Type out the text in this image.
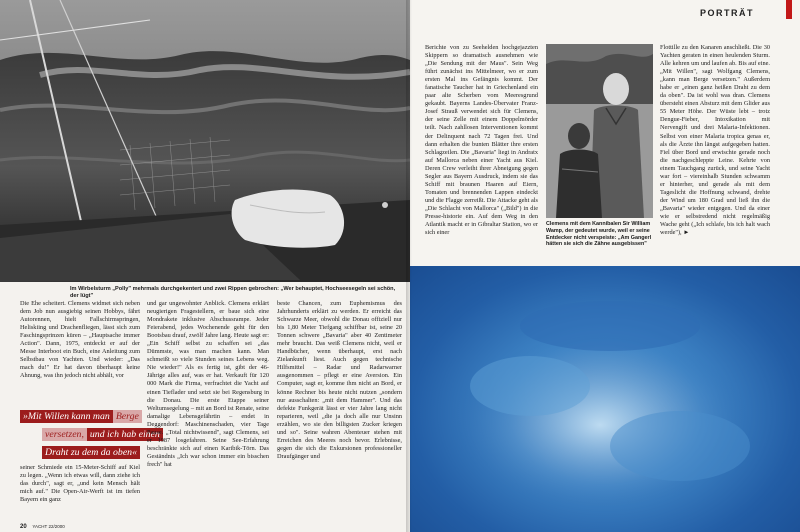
Im Wirbelsturm „Polly" mehrmals durchgekentert und zwei Rippen gebrochen: „Wer behauptet, Hochseesegeln sei schön, der lügt"

Die Ehe scheitert. Clemens widmet sich neben dem Job nun ausgiebig seinen Hobbys, fährt Autorennen, hielt Fallschirmspringen, Heliskiing und Drachenfliegen, lässt sich zum Faschingsprinzen küren – „Hauptsache immer Action". Dann, 1975, entdeckt er auf der Messe Interboot ein Buch, eine Anleitung zum Selbstbau von Yachten. Und wieder: „Das mach du!" Er hat davon überhaupt keine Ahnung, was ihn jedoch nicht abhält, vor

»Mit Willen kann man Berge
versetzen, und ich hab einen
Draht zu dem da oben«

seiner Schmiede ein 15-Meter-Schiff auf Kiel zu legen. „Wenn ich etwas will, dann ziehe ich das durch", sagt er, „und kein Mensch hält mich auf." Die Open-Air-Werft ist im tiefen Bayern ein ganz

und gar ungewohnter Anblick. Clemens erklärt neugierigen Fragestellern, er baue sich eine Mondrakete inklusive Abschussrampe. Jeder Feierabend, jedes Wochenende geht für den Bootsbau drauf, zwölf Jahre lang. Heute sagt er: „Ein Schiff selbst zu schaffen sei „das Dümmste, was man machen kann. Man schmeißt so viele Stunden seines Lebens weg. Nie wieder!" Als es fertig ist, gibt der 46-Jährige alles auf, was er hat. Verkauft für 120 000 Mark die Firma, verfrachtet die Yacht auf einen Tieflader und setzt sie bei Regensburg in die Donau. Die erste Etappe seiner Weltumsegelung – mit an Bord ist Renate, seine damalige Lebensgefährtin – endet in Deggendorf: Maschinenschaden, vier Tage Pause. „Total nichtwissend", sagt Clemens, sei er 1987 losgefahren. Seine See-Erfahrung beschränkte sich auf einen Karibik-Törn. Das Geständnis „Ich war schon immer ein bisschen frech" hat

beste Chancen, zum Euphemismus des Jahrhunderts erklärt zu werden. Er erreicht das Schwarze Meer, obwohl die Donau offiziell nur bis 1,80 Meter Tiefgang schiffbar ist, seine 20 Tonnen schwere „Bavaria" aber 40 Zentimeter mehr braucht. Das weiß Clemens nicht, weil er Handbücher, wenn überhaupt, erst nach Zielankunft liest. Auch gegen technische Hilfsmittel – Radar und Radarwarner ausgenommen – pflegt er eine Aversion. Ein Computer, sagt er, komme ihm nicht an Bord, er könne Rechner bis heute nicht nutzen „sondern nur ausschalten: „mit dem Hammer". Und das defekte Funkgerät lässt er vier Jahre lang nicht reparieren, weil „die ja doch alle nur Unsinn erzählen, wo sie den billigsten Zucker kriegen und so". Seine wahren Abenteuer stehen mit Erreichen des Meeres noch bevor. Erlebnisse, gegen die sich die Exkursionen professioneller Draufgänger und

20 YACHT 22/2000
PORTRÄT

Berichte von zu Seehelden hochgejazzten Skippern so dramatisch ausnehmen wie „Die Sendung mit der Maus". Sein Weg führt zunächst ins Mittelmeer, wo er zum ersten Mal ins Gefängnis kommt. Der fanatische Taucher hat in Griechenland ein paar alte Scherben vom Meeresgrund gekaubt. Bayerns Landes-Übervater Franz-Josef Strauß verwendet sich für Clemens, der seine Zelle mit einem Doppelmörder teilt. Nach zahllosen Interventionen kommt der Delinquent nach 72 Tagen frei. Und dann erhalten die bunten Blätter ihre ersten Schlagzeilen. Die „Bavaria" liegt in Andratx auf Mallorca neben einer Yacht aus Kiel. Deren Crew verleiht ihrer Abneigung gegen Segler aus Bayern Ausdruck, indem sie das Schiff mit braunen Haaren auf Eiern, Tomaten und brennenden Lappen eindeckt und die Flagge zerreißt. Die Attacke geht als „Die Schlacht von Mallorca" („Bild") in die Presse-historie ein. Auf dem Weg in den Atlantik macht er in Gibraltar Station, wo er sich einer

Clemens mit dem Kannibalen Sir William Wamp, der gedeutet wurde, weil er seine Entdecker nicht verspeiste: „Am Gangerl hätten sie sich die Zähne ausgebissen"

Flottille zu den Kanaren anschließt. Die 30 Yachten geraten in einen heulenden Sturm. Alle kehren um und laufen ab. Bis auf eine. „Mit Willen", sagt Wolfgang Clemens, „kann man Berge versetzen." Außerdem habe er „einen ganz heißen Draht zu dem da oben". Da ist wohl was dran. Clemens übersteht einen Absturz mit dem Glider aus 55 Meter Höhe. Der Wüste lebt – trotz Dengue-Fieber, Intoxikation mit Nervengift und drei Malaria-Infektionen. Selbst von einer Malaria tropica genas er, als die Ärzte ihn längst aufgegeben hatten. Fiel über Bord und erwischte gerade noch die nachgeschleppte Leine. Kehrte von einem Tauchgang zurück, und seine Yacht war fort – viereinhalb Stunden schwamm er hinterher, und gerade als mit dem Tageslicht die Hoffnung schwand, drehte der Wind um 180 Grad und ließ ihn die „Bavaria" wieder entgegen. Und da einer wie er selbstredend nicht regelmäßig Wache geht („Ich schlafe, bis ich halt wach werde"), ►
